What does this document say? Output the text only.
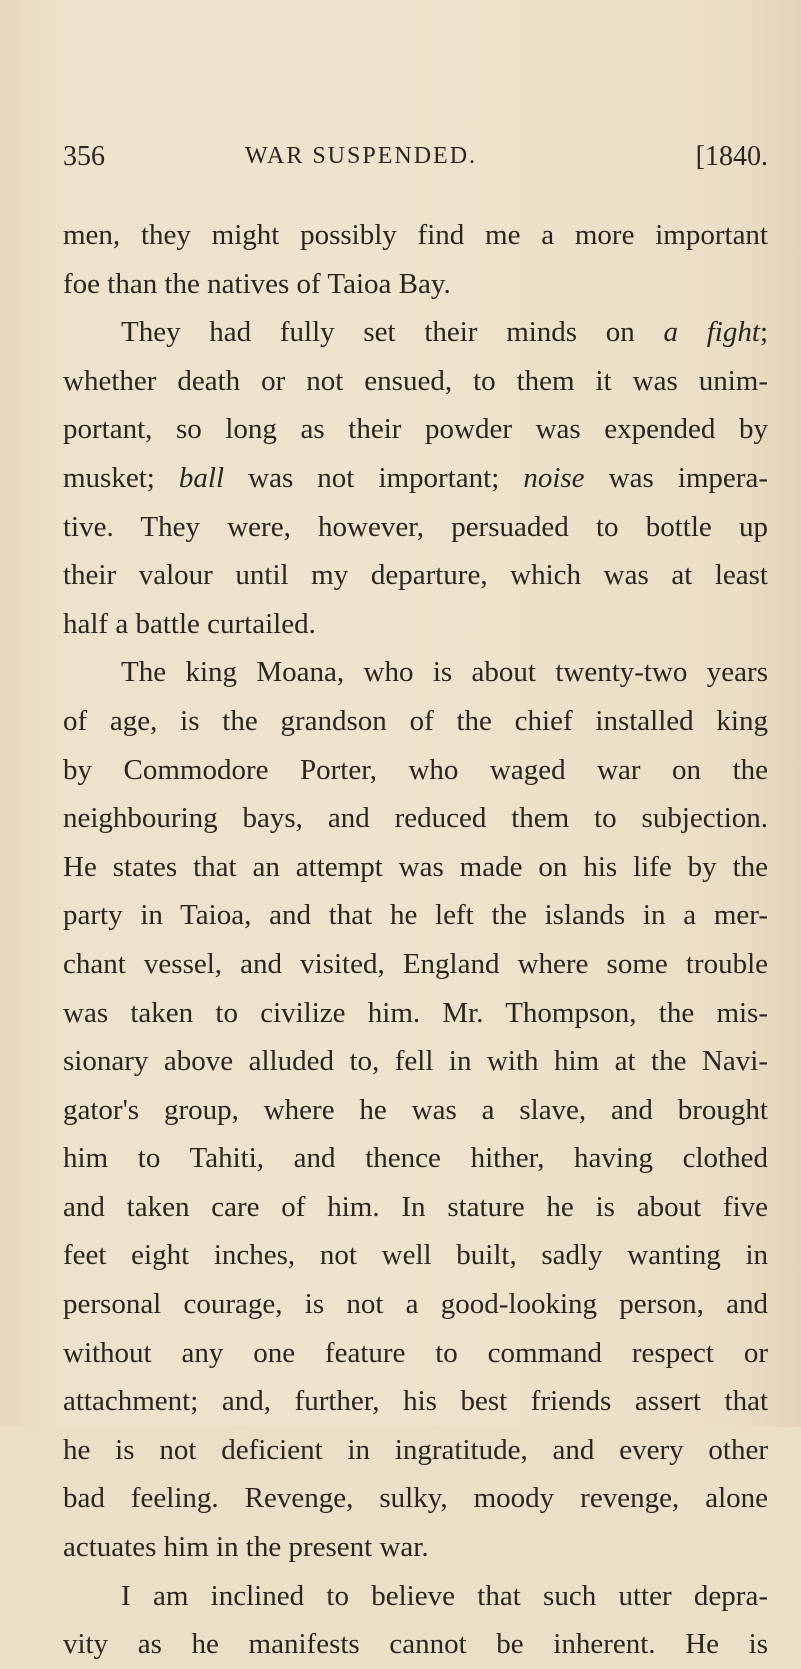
356	WAR SUSPENDED.	[1840.

men, they might possibly find me a more important
foe than the natives of Taioa Bay.

They had fully set their minds on a fight;
whether death or not ensued, to them it was unim-
portant, so long as their powder was expended by
musket; ball was not important; noise was impera-
tive. They were, however, persuaded to bottle up
their valour until my departure, which was at least
half a battle curtailed.

The king Moana, who is about twenty-two years
of age, is the grandson of the chief installed king
by Commodore Porter, who waged war on the
neighbouring bays, and reduced them to subjection.
He states that an attempt was made on his life by the
party in Taioa, and that he left the islands in a mer-
chant vessel, and visited, England where some trouble
was taken to civilize him. Mr. Thompson, the mis-
sionary above alluded to, fell in with him at the Navi-
gator's group, where he was a slave, and brought
him to Tahiti, and thence hither, having clothed
and taken care of him. In stature he is about five
feet eight inches, not well built, sadly wanting in
personal courage, is not a good-looking person, and
without any one feature to command respect or
attachment; and, further, his best friends assert that
he is not deficient in ingratitude, and every other
bad feeling. Revenge, sulky, moody revenge, alone
actuates him in the present war.

I am inclined to believe that such utter depra-
vity as he manifests cannot be inherent. He is
